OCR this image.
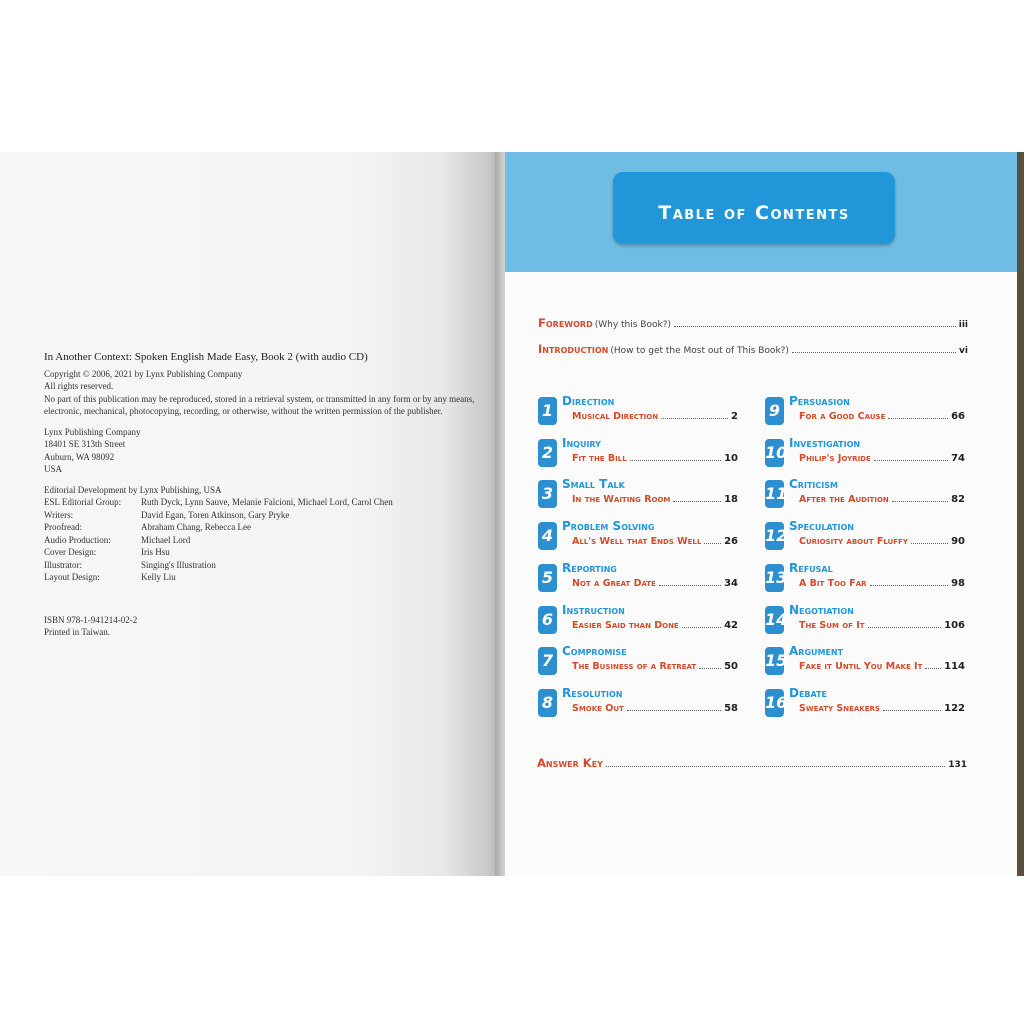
Table of Contents
In Another Context: Spoken English Made Easy, Book 2 (with audio CD)
Copyright © 2006, 2021 by Lynx Publishing Company
All rights reserved.
No part of this publication may be reproduced, stored in a retrieval system, or transmitted in any form or by any means,
electronic, mechanical, photocopying, recording, or otherwise, without the written permission of the publisher.
Lynx Publishing Company
18401 SE 313th Street
Auburn, WA 98092
USA
Editorial Development by Lynx Publishing, USA
ESL Editorial Group:	Ruth Dyck, Lynn Sauve, Melanie Falcioni, Michael Lord, Carol Chen
Writers:	David Egan, Toren Atkinson, Gary Pryke
Proofread:	Abraham Chang, Rebecca Lee
Audio Production:	Michael Lord
Cover Design:	Iris Hsu
Illustrator:	Singing's Illustration
Layout Design:	Kelly Liu
ISBN 978-1-941214-02-2
Printed in Taiwan.
Foreword (Why this Book?)	iii
Introduction (How to get the Most out of This Book?)	vi
1 Direction
Musical Direction	2
2 Inquiry
Fit the Bill	10
3 Small Talk
In the Waiting Room	18
4 Problem Solving
All's Well that Ends Well 26
5 Reporting
Not a Great Date	34
6 Instruction
Easier Said than Done	42
7 Compromise
The Business of a Retreat	50
8 Resolution
Smoke Out	58
9 Persuasion
For a Good Cause	66
10 Investigation
Philip's Joyride	74
11 Criticism
After the Audition	82
12 Speculation
Curiosity about Fluffy	90
13 Refusal
A Bit Too Far	98
14 Negotiation
The Sum of It	106
15 Argument
Fake it Until You Make It 114
16 Debate
Sweaty Sneakers	122
Answer Key	131
